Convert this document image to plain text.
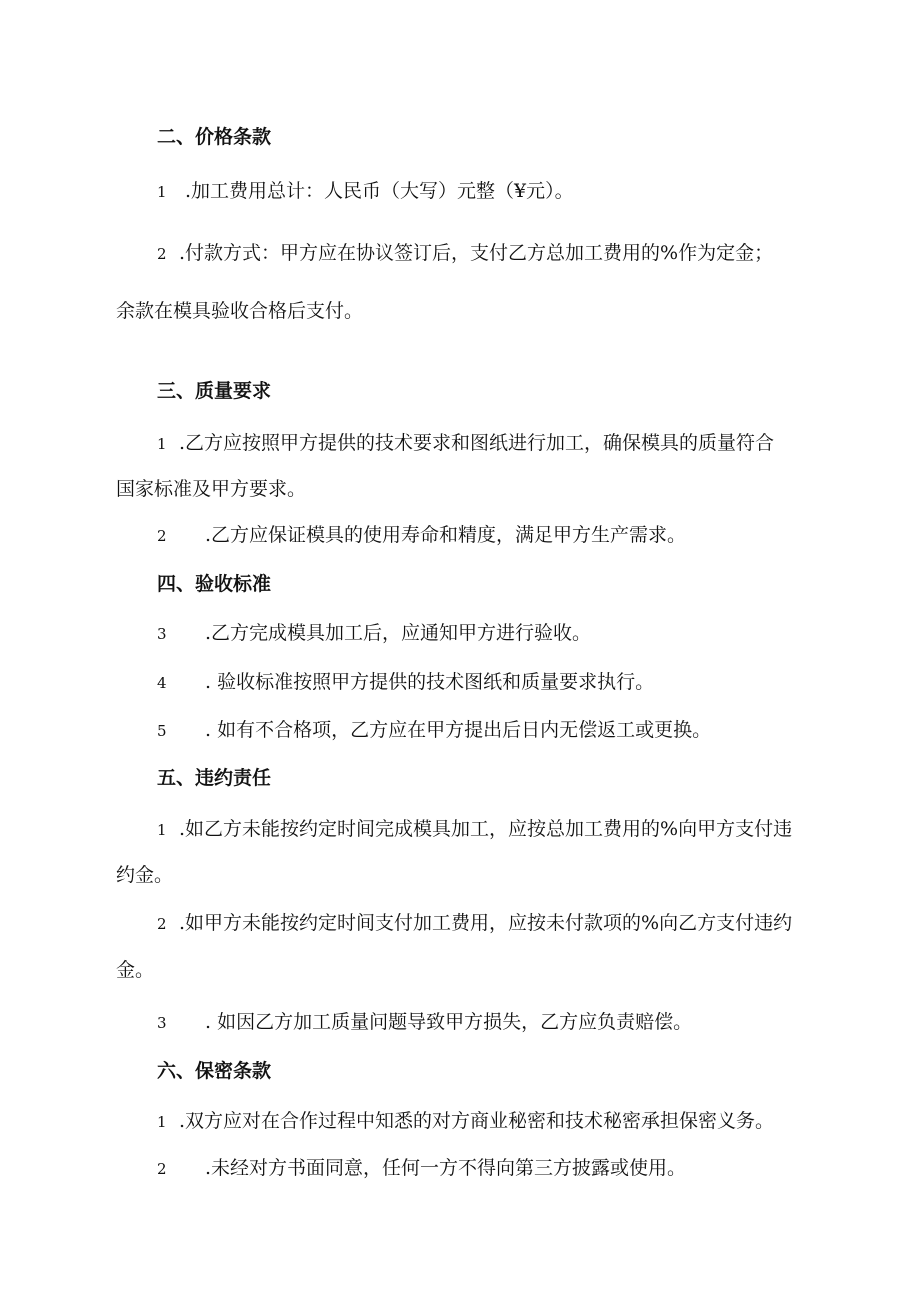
二、价格条款
1 .加工费用总计：人民币（大写）元整（¥元）。
2 .付款方式：甲方应在协议签订后，支付乙方总加工费用的%作为定金；
余款在模具验收合格后支付。
三、质量要求
1 .乙方应按照甲方提供的技术要求和图纸进行加工，确保模具的质量符合
国家标准及甲方要求。
2 .乙方应保证模具的使用寿命和精度，满足甲方生产需求。
四、验收标准
3 .乙方完成模具加工后，应通知甲方进行验收。
4 . 验收标准按照甲方提供的技术图纸和质量要求执行。
5 . 如有不合格项，乙方应在甲方提出后日内无偿返工或更换。
五、违约责任
1 .如乙方未能按约定时间完成模具加工，应按总加工费用的%向甲方支付违
约金。
2 .如甲方未能按约定时间支付加工费用，应按未付款项的%向乙方支付违约
金。
3 . 如因乙方加工质量问题导致甲方损失，乙方应负责赔偿。
六、保密条款
1 .双方应对在合作过程中知悉的对方商业秘密和技术秘密承担保密义务。
2 .未经对方书面同意，任何一方不得向第三方披露或使用。
